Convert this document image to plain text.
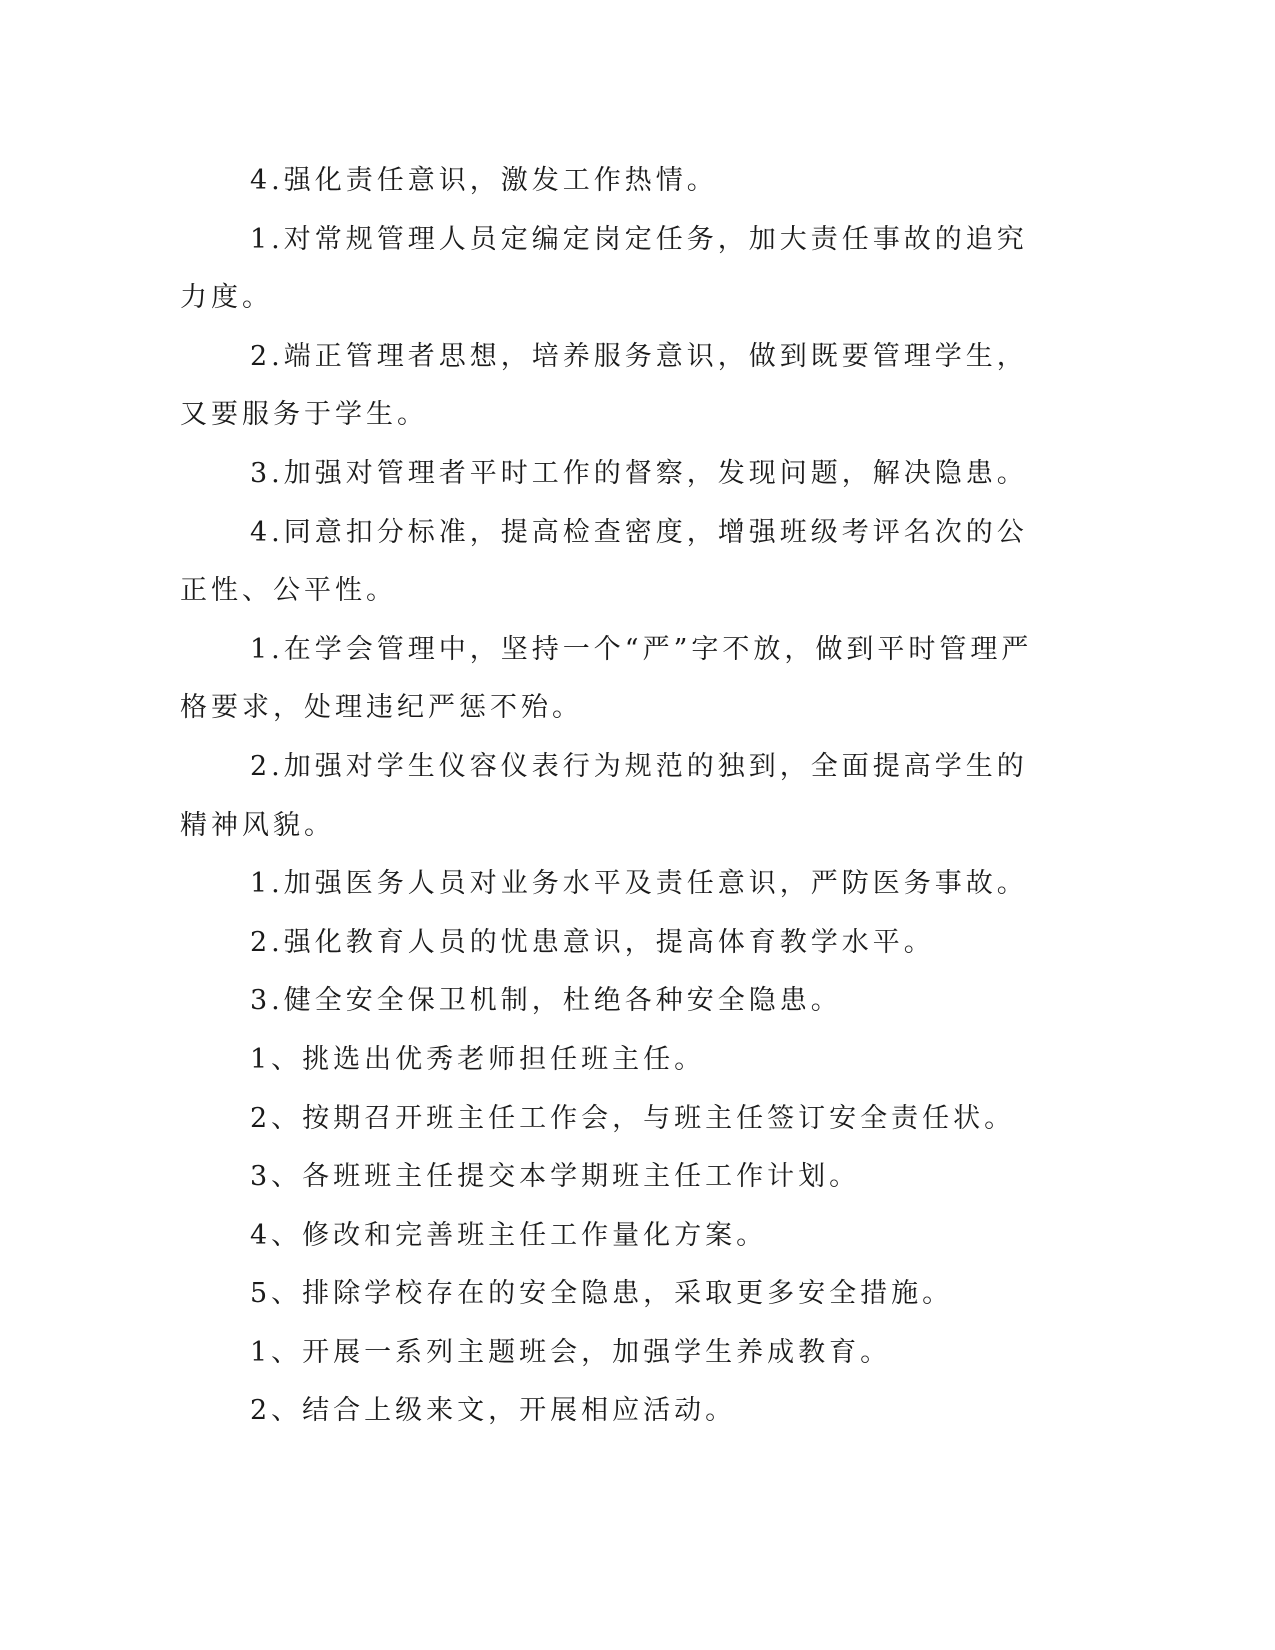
4.强化责任意识，激发工作热情。

1.对常规管理人员定编定岗定任务，加大责任事故的追究力度。

2.端正管理者思想，培养服务意识，做到既要管理学生，又要服务于学生。

3.加强对管理者平时工作的督察，发现问题，解决隐患。

4.同意扣分标准，提高检查密度，增强班级考评名次的公正性、公平性。

1.在学会管理中，坚持一个“严”字不放，做到平时管理严格要求，处理违纪严惩不殆。

2.加强对学生仪容仪表行为规范的独到，全面提高学生的精神风貌。

1.加强医务人员对业务水平及责任意识，严防医务事故。

2.强化教育人员的忧患意识，提高体育教学水平。

3.健全安全保卫机制，杜绝各种安全隐患。

1、挑选出优秀老师担任班主任。

2、按期召开班主任工作会，与班主任签订安全责任状。

3、各班班主任提交本学期班主任工作计划。

4、修改和完善班主任工作量化方案。

5、排除学校存在的安全隐患，采取更多安全措施。

1、开展一系列主题班会，加强学生养成教育。

2、结合上级来文，开展相应活动。
